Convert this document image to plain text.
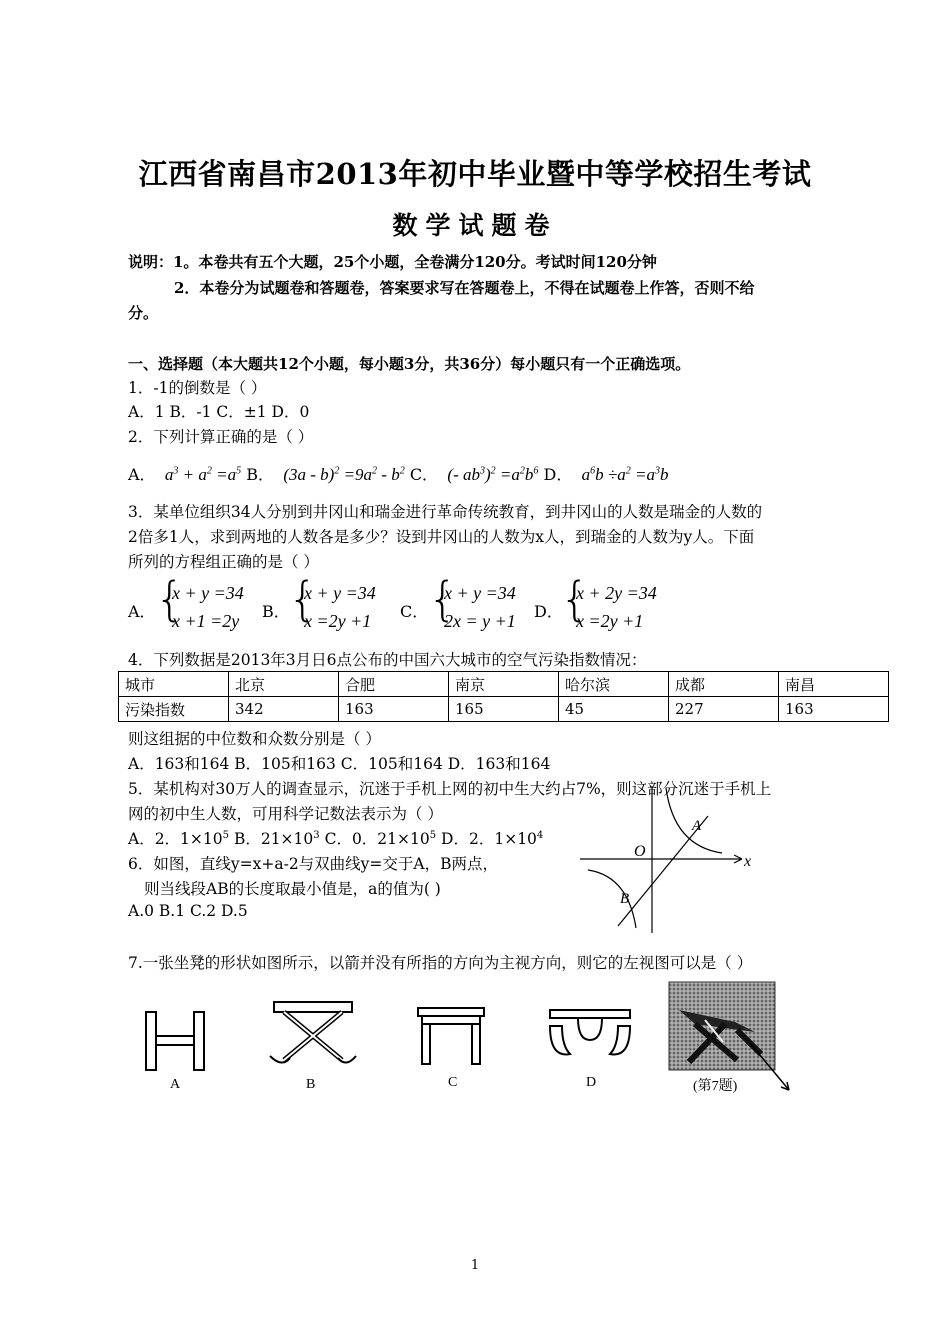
江西省南昌市2013年初中毕业暨中等学校招生考试
数学试题卷
说明：1。本卷共有五个大题，25个小题，全卷满分120分。考试时间120分钟
2．本卷分为试题卷和答题卷，答案要求写在答题卷上，不得在试题卷上作答，否则不给
分。
一、选择题（本大题共12个小题，每小题3分，共36分）每小题只有一个正确选项。
1．-1的倒数是（ ）
A．1 B．-1 C．±1 D．0
2．下列计算正确的是（ ）
A．  $a^3 + a^2 =a^5$ B．  $(3a - b)^2 =9a^2 - b^2$ C．  (- $ab^3)^2 =a^2b^6$ D．  $a^6b \div a^2 =a^3b$
3．某单位组织34人分别到井冈山和瑞金进行革命传统教育，到井冈山的人数是瑞金的人数的
2倍多1人，求到两地的人数各是多少？设到井冈山的人数为x人，到瑞金的人数为y人。下面
所列的方程组正确的是（ ）
A． {
x + y =34
x +1 =2y B．
{
x + y =34
x =2y +1 C． {
x + y =34
2x = y +1 D．
{
x + 2y =34
x =2y +1
4．下列数据是2013年3月日6点公布的中国六大城市的空气污染指数情况：
城市	北京	合肥	南京	哈尔滨	成都	南昌
污染指数	342	163	165	45	227	163
则这组据的中位数和众数分别是（ ）
A．163和164 B．105和163 C．105和164 D．163和164
5．某机构对30万人的调查显示，沉迷于手机上网的初中生大约占7%，则这部分沉迷于手机上
网的初中生人数，可用科学记数法表示为（ ）
A．2．$1\times 10^5$ B．$21\times 10^3$ C．0．$21\times 10^5$ D．2．$1\times 10^4$
6．如图，直线y=x+a-2与双曲线y=交于A，B两点，
则当线段AB的长度取最小值是，a的值为( )
A.0 B.1 C.2 D.5
O
x
A
B
7.一张坐凳的形状如图所示，以箭并没有所指的方向为主视方向，则它的左视图可以是（ ）
A	B	C	D	(第7题)
1
